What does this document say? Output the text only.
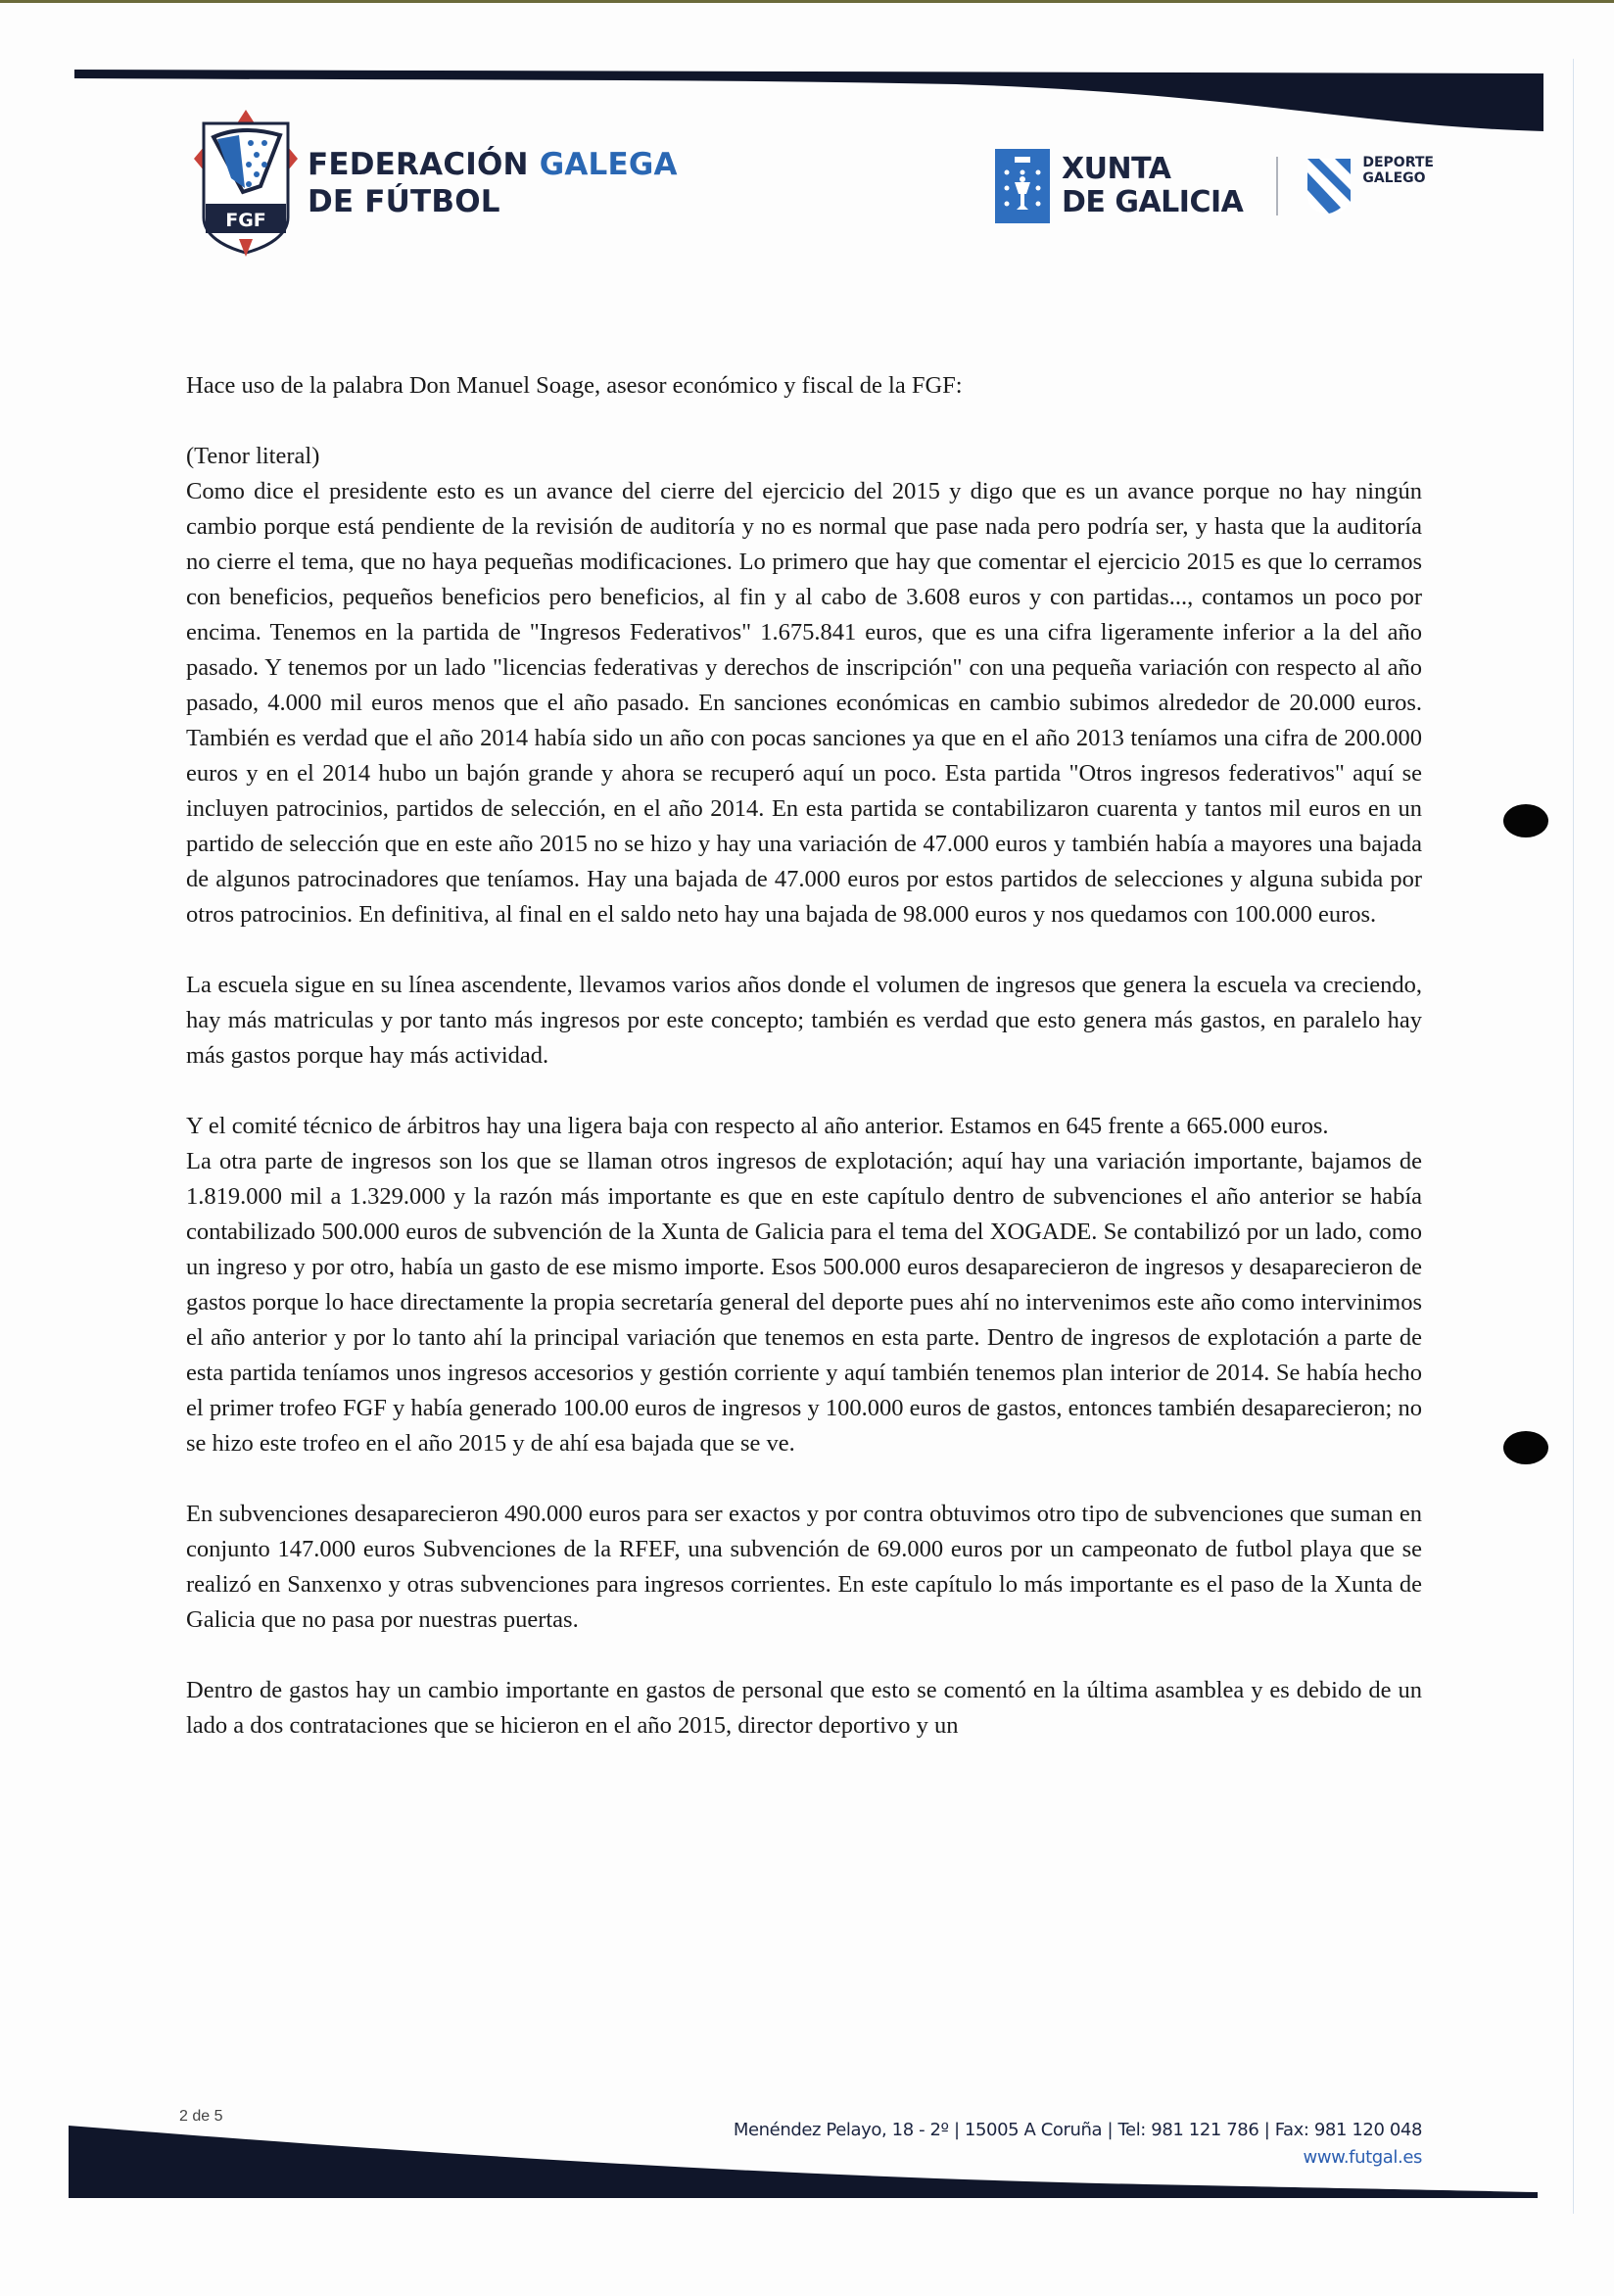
FGF
FEDERACIÓN GALEGA
DE FÚTBOL
XUNTA
DE GALICIA
DEPORTE
GALEGO

Hace uso de la palabra Don Manuel Soage, asesor económico y fiscal de la FGF:

(Tenor literal)

Como dice el presidente esto es un avance del cierre del ejercicio del 2015 y digo que es un avance porque no hay ningún cambio porque está pendiente de la revisión de auditoría y no es normal que pase nada pero podría ser, y hasta que la auditoría no cierre el tema, que no haya pequeñas modificaciones. Lo primero que hay que comentar el ejercicio 2015 es que lo cerramos con beneficios, pequeños beneficios pero beneficios, al fin y al cabo de 3.608 euros y con partidas..., contamos un poco por encima. Tenemos en la partida de "Ingresos Federativos" 1.675.841 euros, que es una cifra ligeramente inferior a la del año pasado. Y tenemos por un lado "licencias federativas y derechos de inscripción" con una pequeña variación con respecto al año pasado, 4.000 mil euros menos que el año pasado. En sanciones económicas en cambio subimos alrededor de 20.000 euros. También es verdad que el año 2014 había sido un año con pocas sanciones ya que en el año 2013 teníamos una cifra de 200.000 euros y en el 2014 hubo un bajón grande y ahora se recuperó aquí un poco. Esta partida "Otros ingresos federativos" aquí se incluyen patrocinios, partidos de selección, en el año 2014. En esta partida se contabilizaron cuarenta y tantos mil euros en un partido de selección que en este año 2015 no se hizo y hay una variación de 47.000 euros y también había a mayores una bajada de algunos patrocinadores que teníamos. Hay una bajada de 47.000 euros por estos partidos de selecciones y alguna subida por otros patrocinios. En definitiva, al final en el saldo neto hay una bajada de 98.000 euros y nos quedamos con 100.000 euros.

La escuela sigue en su línea ascendente, llevamos varios años donde el volumen de ingresos que genera la escuela va creciendo, hay más matriculas y por tanto más ingresos por este concepto; también es verdad que esto genera más gastos, en paralelo hay más gastos porque hay más actividad.

Y el comité técnico de árbitros hay una ligera baja con respecto al año anterior. Estamos en 645 frente a 665.000 euros.

La otra parte de ingresos son los que se llaman otros ingresos de explotación; aquí hay una variación importante, bajamos de 1.819.000 mil a 1.329.000 y la razón más importante es que en este capítulo dentro de subvenciones el año anterior se había contabilizado 500.000 euros de subvención de la Xunta de Galicia para el tema del XOGADE. Se contabilizó por un lado, como un ingreso y por otro, había un gasto de ese mismo importe. Esos 500.000 euros desaparecieron de ingresos y desaparecieron de gastos porque lo hace directamente la propia secretaría general del deporte pues ahí no intervenimos este año como intervinimos el año anterior y por lo tanto ahí la principal variación que tenemos en esta parte. Dentro de ingresos de explotación a parte de esta partida teníamos unos ingresos accesorios y gestión corriente y aquí también tenemos plan interior de 2014. Se había hecho el primer trofeo FGF y había generado 100.00 euros de ingresos y 100.000 euros de gastos, entonces también desaparecieron; no se hizo este trofeo en el año 2015 y de ahí esa bajada que se ve.

En subvenciones desaparecieron 490.000 euros para ser exactos y por contra obtuvimos otro tipo de subvenciones que suman en conjunto 147.000 euros Subvenciones de la RFEF, una subvención de 69.000 euros por un campeonato de futbol playa que se realizó en Sanxenxo y otras subvenciones para ingresos corrientes. En este capítulo lo más importante es el paso de la Xunta de Galicia que no pasa por nuestras puertas.

Dentro de gastos hay un cambio importante en gastos de personal que esto se comentó en la última asamblea y es debido de un lado a dos contrataciones que se hicieron en el año 2015, director deportivo y un

2 de 5
Menéndez Pelayo, 18 - 2º | 15005 A Coruña | Tel: 981 121 786 | Fax: 981 120 048
www.futgal.es
